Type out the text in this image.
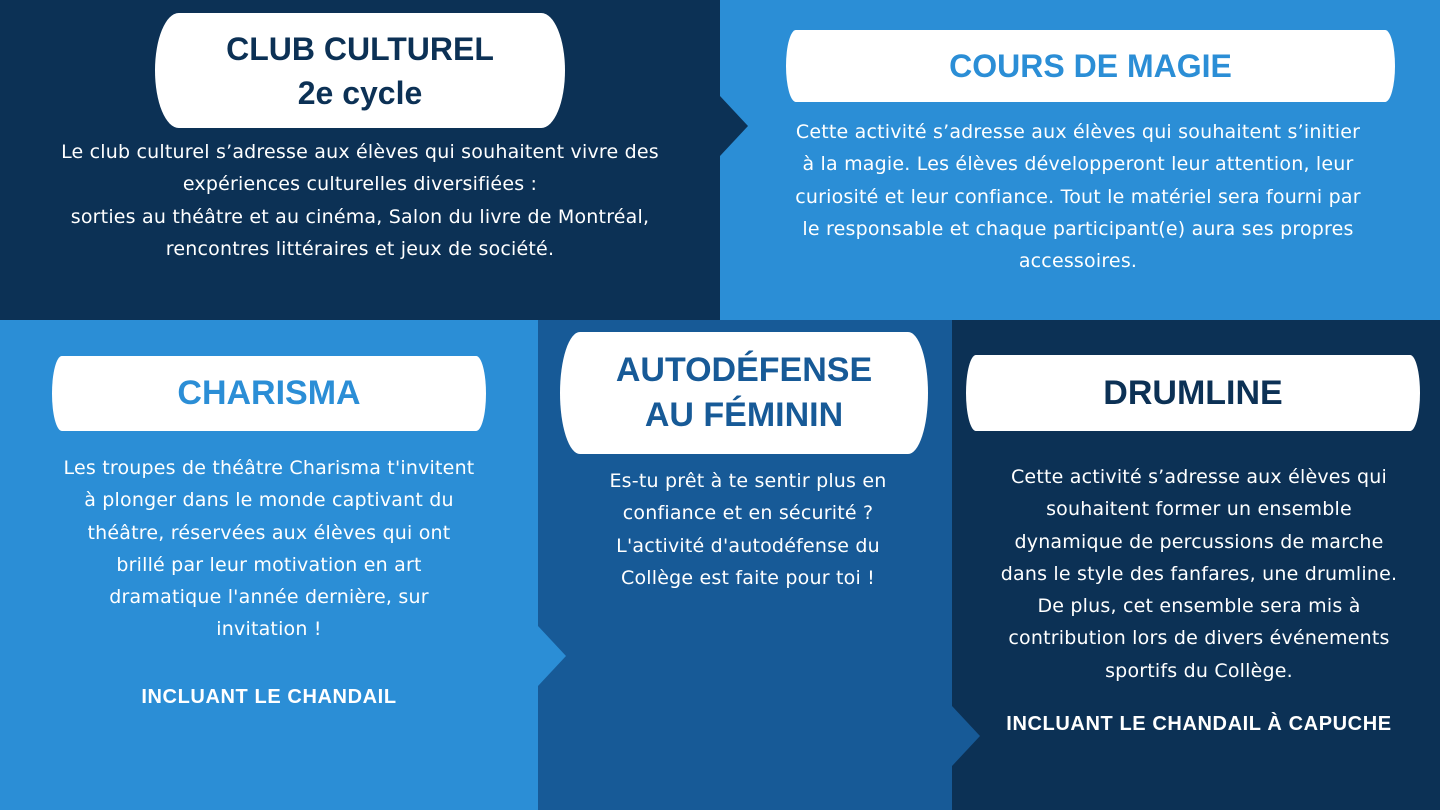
CLUB CULTUREL
2e cycle
Le club culturel s’adresse aux élèves qui souhaitent vivre des
expériences culturelles diversifiées :
sorties au théâtre et au cinéma, Salon du livre de Montréal,
rencontres littéraires et jeux de société.
COURS DE MAGIE
Cette activité s’adresse aux élèves qui souhaitent s’initier
à la magie. Les élèves développeront leur attention, leur
curiosité et leur confiance. Tout le matériel sera fourni par
le responsable et chaque participant(e) aura ses propres
accessoires.
CHARISMA
Les troupes de théâtre Charisma t'invitent
à plonger dans le monde captivant du
théâtre, réservées aux élèves qui ont
brillé par leur motivation en art
dramatique l'année dernière, sur
invitation !
INCLUANT LE CHANDAIL
AUTODÉFENSE
AU FÉMININ
Es-tu prêt à te sentir plus en
confiance et en sécurité ?
L'activité d'autodéfense du
Collège est faite pour toi !
DRUMLINE
Cette activité s’adresse aux élèves qui
souhaitent former un ensemble
dynamique de percussions de marche
dans le style des fanfares, une drumline.
De plus, cet ensemble sera mis à
contribution lors de divers événements
sportifs du Collège.
INCLUANT LE CHANDAIL À CAPUCHE
